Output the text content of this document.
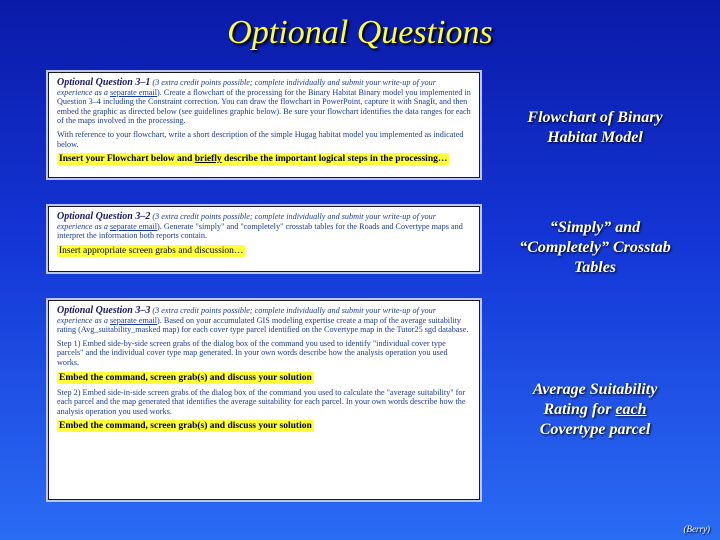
Optional Questions

Optional Question 3–1 (3 extra credit points possible; complete individually and submit your write-up of your experience as a separate email). Create a flowchart of the processing for the Binary Habitat Binary model you implemented in Question 3–4 including the Constraint correction. You can draw the flowchart in PowerPoint, capture it with SnagIt, and then embed the graphic as directed below (see guidelines graphic below). Be sure your flowchart identifies the data ranges for each of the maps involved in the processing.

With reference to your flowchart, write a short description of the simple Hugag habitat model you implemented as indicated below.

Insert your Flowchart below and briefly describe the important logical steps in the processing…
Flowchart of Binary
Habitat Model

Optional Question 3–2 (3 extra credit points possible; complete individually and submit your write-up of your experience as a separate email). Generate "simply" and "completely" crosstab tables for the Roads and Covertype maps and interpret the information both reports contain.

Insert appropriate screen grabs and discussion…
“Simply” and
“Completely” Crosstab
Tables

Optional Question 3–3 (3 extra credit points possible; complete individually and submit your write-up of your experience as a separate email). Based on your accumulated GIS modeling expertise create a map of the average suitability rating (Avg_suitability_masked map) for each cover type parcel identified on the Covertype map in the Tutor25 sgd database.

Step 1) Embed side-by-side screen grabs of the dialog box of the command you used to identify "individual cover type parcels" and the individual cover type map generated. In your own words describe how the analysis operation you used works.

Embed the command, screen grab(s) and discuss your solution

Step 2) Embed side-in-side screen grabs of the dialog box of the command you used to calculate the "average suitability" for each parcel and the map generated that identifies the average suitability for each parcel. In your own words describe how the analysis operation you used works.

Embed the command, screen grab(s) and discuss your solution
Average Suitability
Rating for each
Covertype parcel
(Berry)
